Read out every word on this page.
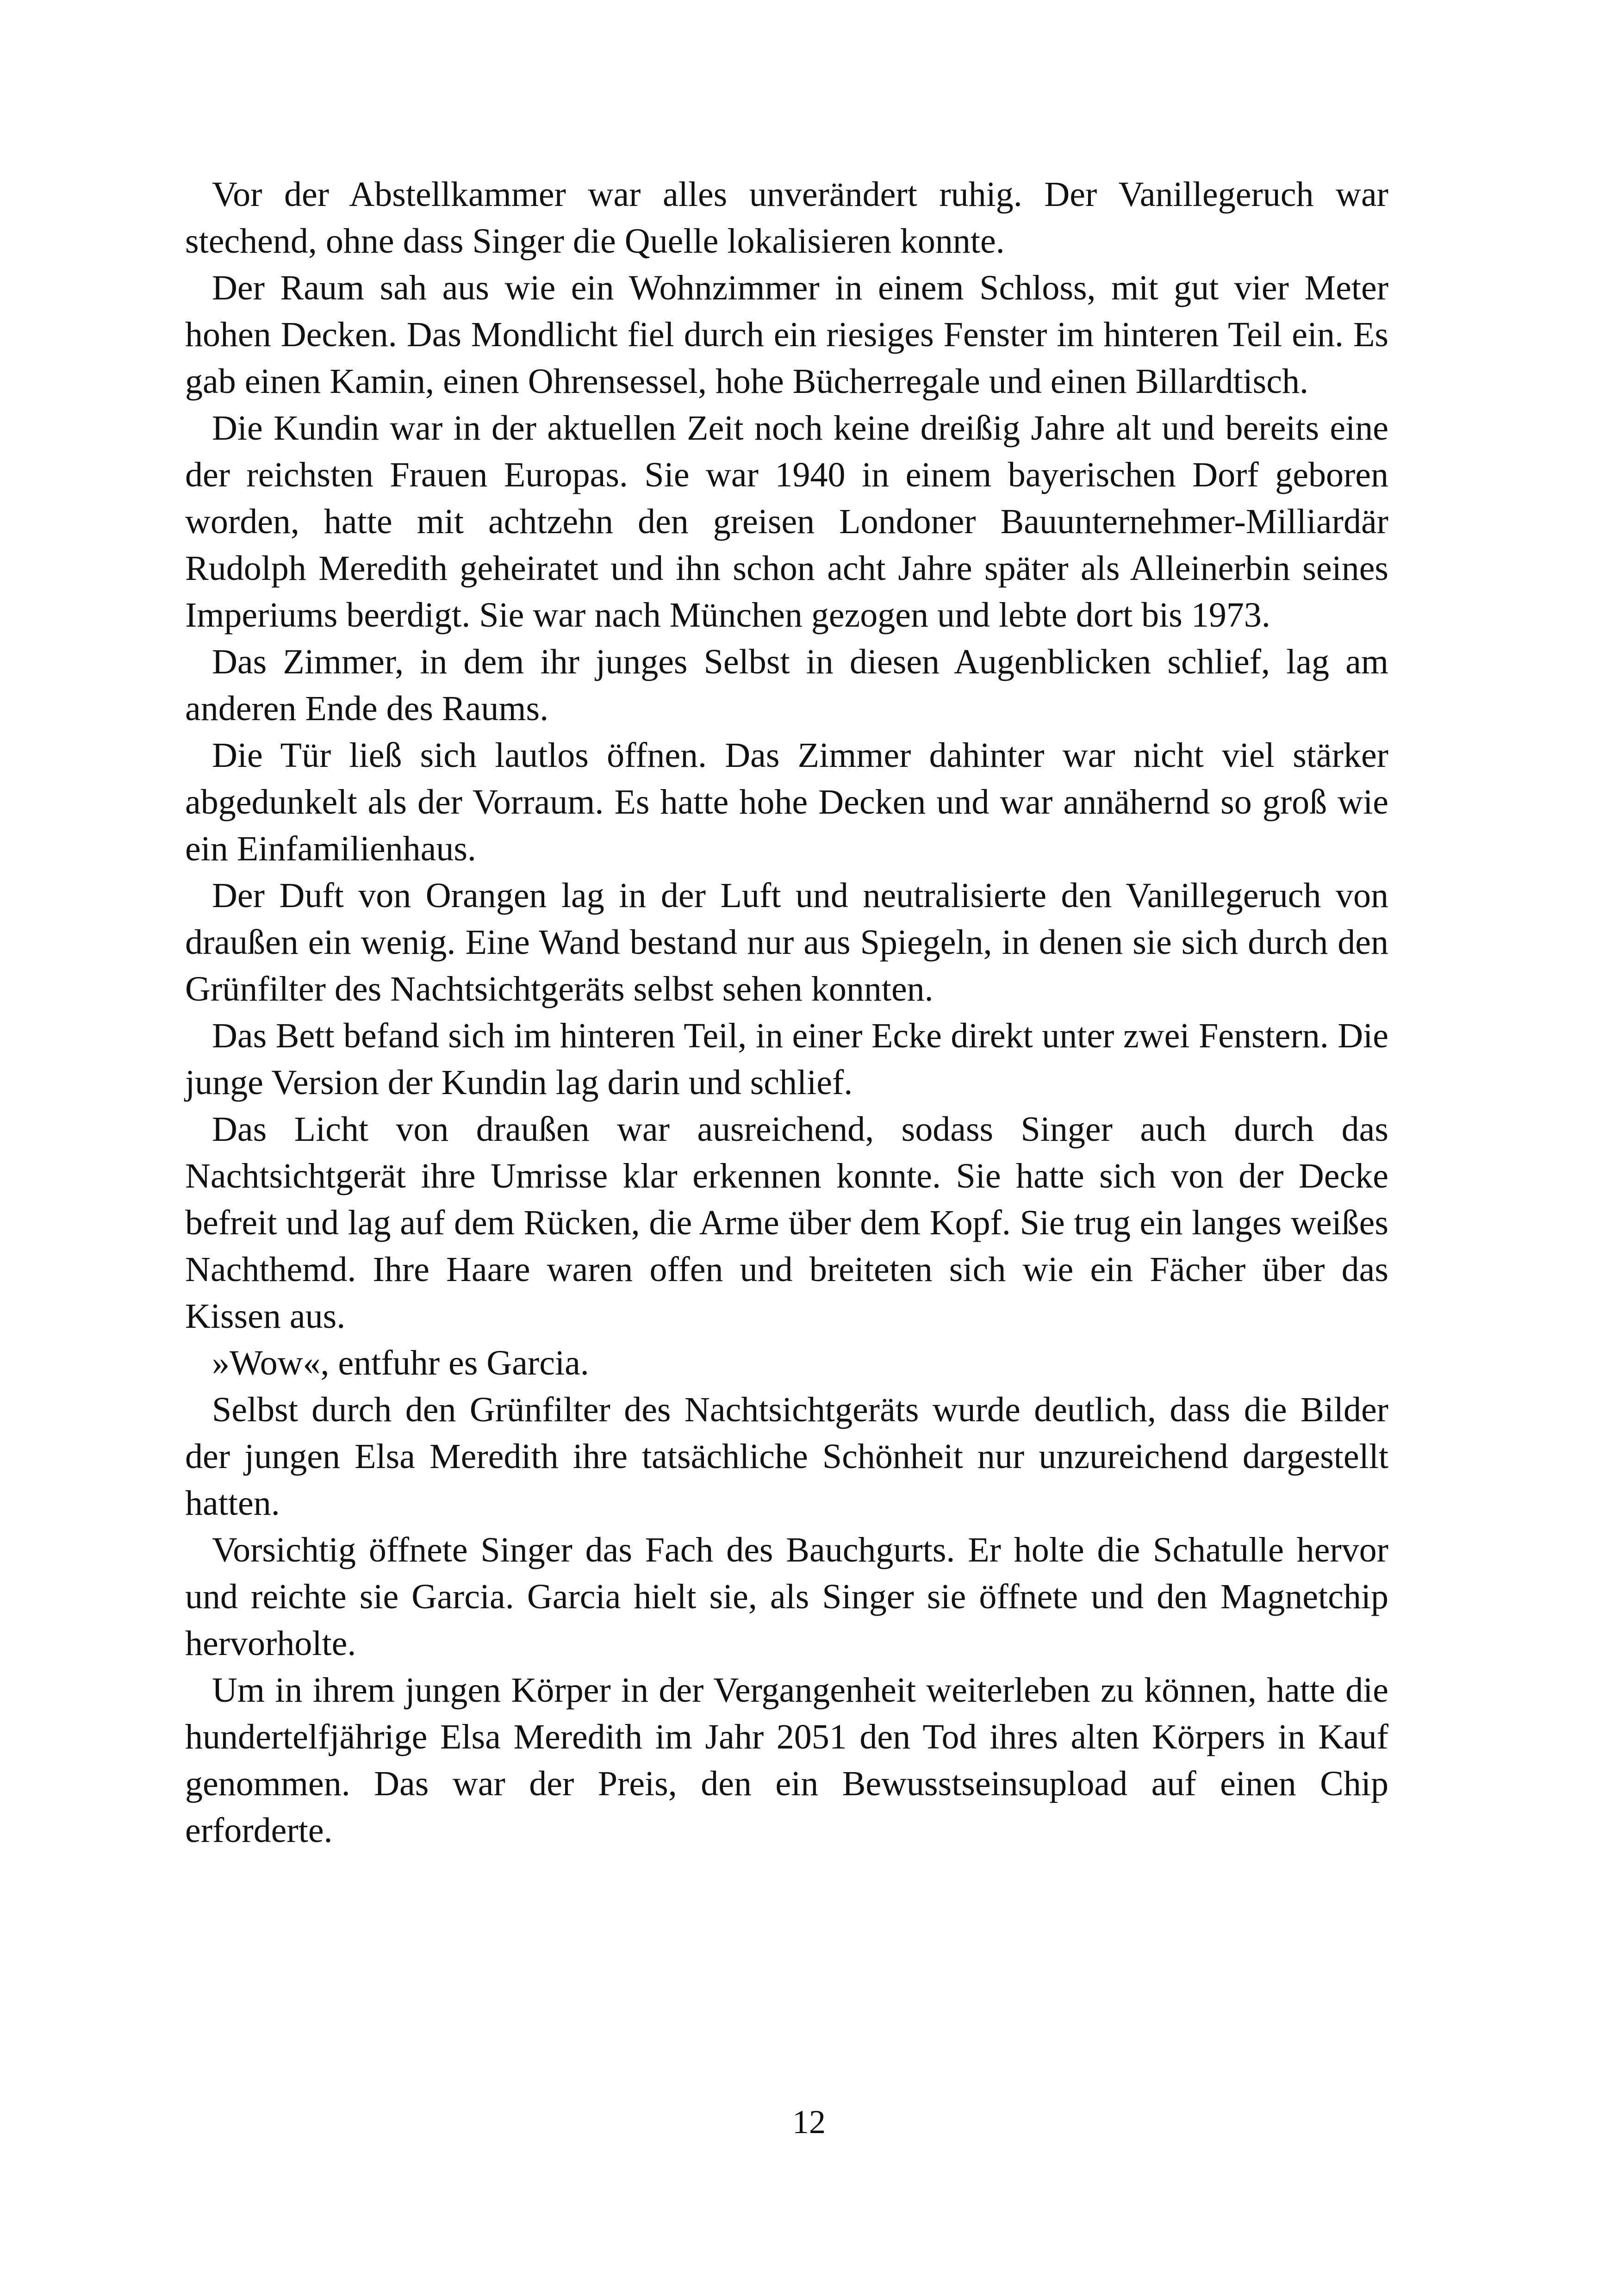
Vor der Abstellkammer war alles unverändert ruhig. Der Vanillegeruch war stechend, ohne dass Singer die Quelle lokalisieren konnte.

Der Raum sah aus wie ein Wohnzimmer in einem Schloss, mit gut vier Meter hohen Decken. Das Mondlicht fiel durch ein riesiges Fenster im hinteren Teil ein. Es gab einen Kamin, einen Ohrensessel, hohe Bücherregale und einen Billardtisch.

Die Kundin war in der aktuellen Zeit noch keine dreißig Jahre alt und bereits eine der reichsten Frauen Europas. Sie war 1940 in einem bayerischen Dorf geboren worden, hatte mit achtzehn den greisen Londoner Bauunternehmer-Milliardär Rudolph Meredith geheiratet und ihn schon acht Jahre später als Alleinerbin seines Imperiums beerdigt. Sie war nach München gezogen und lebte dort bis 1973.

Das Zimmer, in dem ihr junges Selbst in diesen Augenblicken schlief, lag am anderen Ende des Raums.

Die Tür ließ sich lautlos öffnen. Das Zimmer dahinter war nicht viel stärker abgedunkelt als der Vorraum. Es hatte hohe Decken und war annähernd so groß wie ein Einfamilienhaus.

Der Duft von Orangen lag in der Luft und neutralisierte den Vanillegeruch von draußen ein wenig. Eine Wand bestand nur aus Spiegeln, in denen sie sich durch den Grünfilter des Nachtsichtgeräts selbst sehen konnten.

Das Bett befand sich im hinteren Teil, in einer Ecke direkt unter zwei Fenstern. Die junge Version der Kundin lag darin und schlief.

Das Licht von draußen war ausreichend, sodass Singer auch durch das Nachtsichtgerät ihre Umrisse klar erkennen konnte. Sie hatte sich von der Decke befreit und lag auf dem Rücken, die Arme über dem Kopf. Sie trug ein langes weißes Nachthemd. Ihre Haare waren offen und breiteten sich wie ein Fächer über das Kissen aus.

»Wow«, entfuhr es Garcia.

Selbst durch den Grünfilter des Nachtsichtgeräts wurde deutlich, dass die Bilder der jungen Elsa Meredith ihre tatsächliche Schönheit nur unzureichend dargestellt hatten.

Vorsichtig öffnete Singer das Fach des Bauchgurts. Er holte die Schatulle hervor und reichte sie Garcia. Garcia hielt sie, als Singer sie öffnete und den Magnetchip hervorholte.

Um in ihrem jungen Körper in der Vergangenheit weiterleben zu können, hatte die hundertelfjährige Elsa Meredith im Jahr 2051 den Tod ihres alten Körpers in Kauf genommen. Das war der Preis, den ein Bewusstseinsupload auf einen Chip erforderte.

12
